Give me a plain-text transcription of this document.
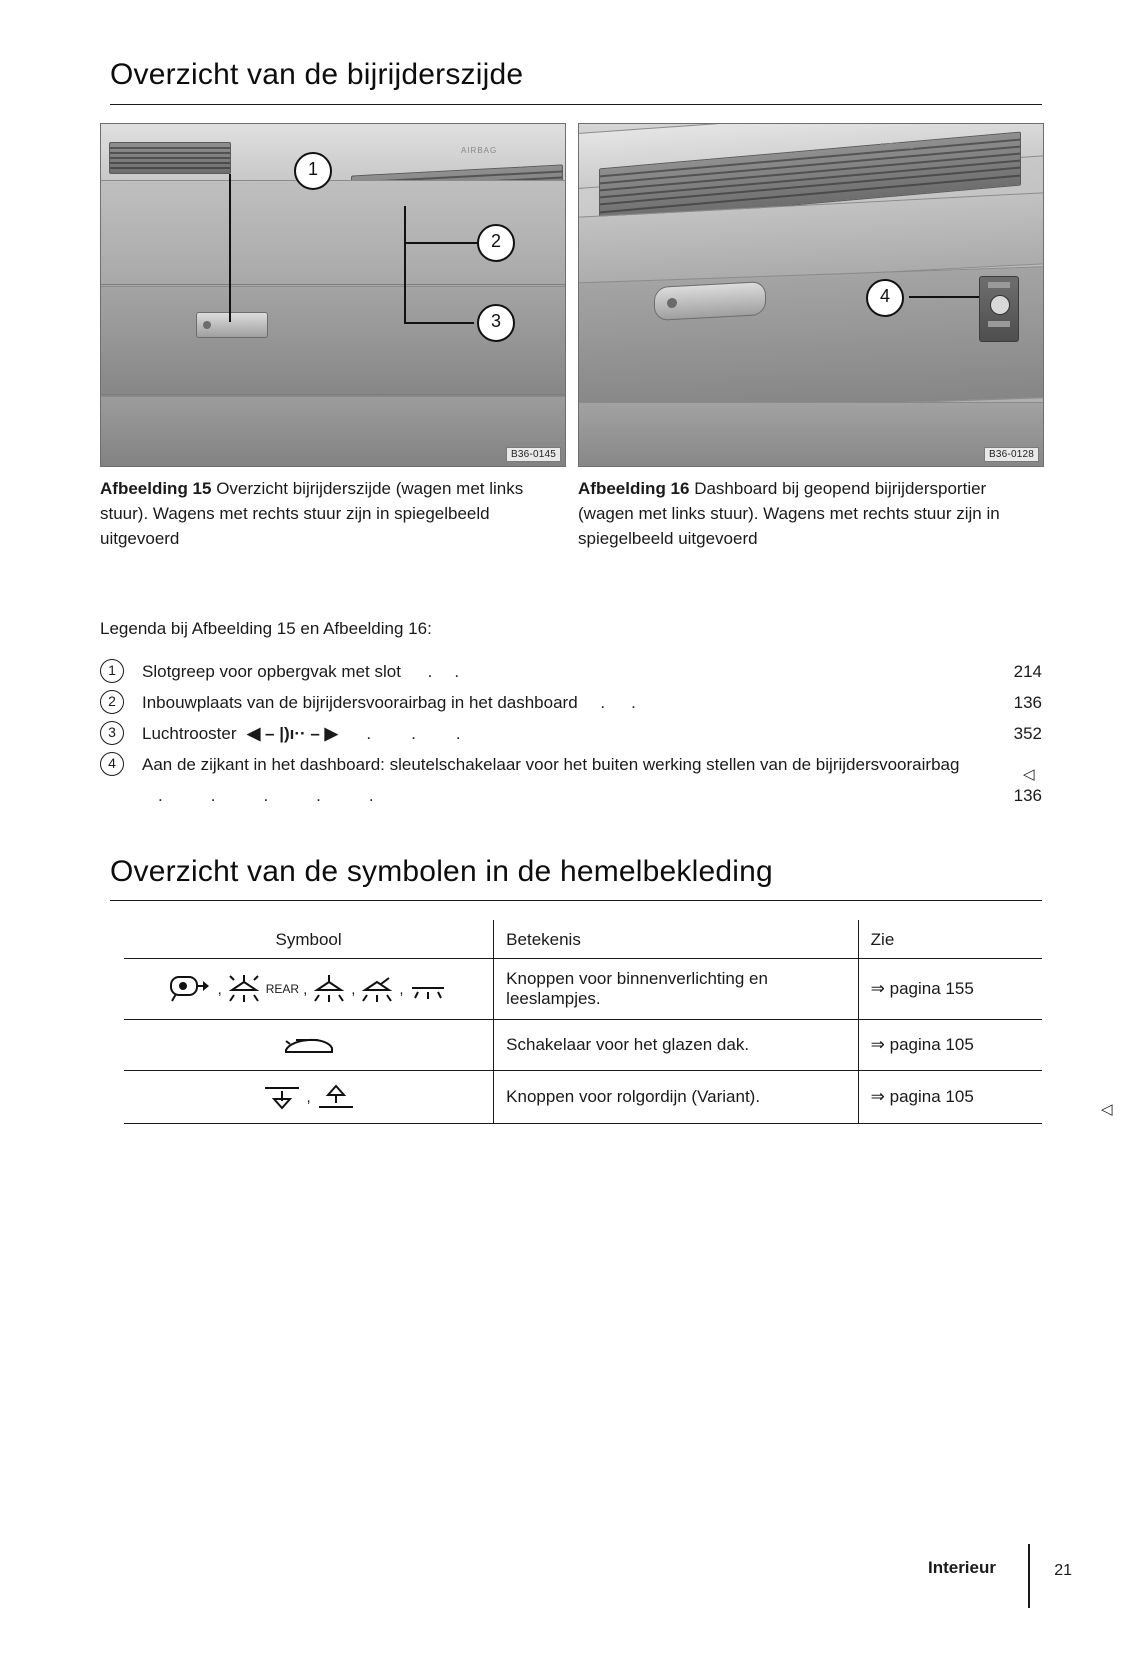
Overzicht van de bijrijderszijde
AIRBAG
1
2
3
B36-0145
AIRBAG
4
B36-0128
Afbeelding 15 Overzicht bijrijderszijde (wagen met links stuur). Wagens met rechts stuur zijn in spiegelbeeld uitgevoerd
Afbeelding 16 Dashboard bij geopend bijrijdersportier (wagen met links stuur). Wagens met rechts stuur zijn in spiegelbeeld uitgevoerd
Legenda bij Afbeelding 15 en Afbeelding 16:
1	Slotgreep voor opbergvak met slot ..	214
2	Inbouwplaats van de bijrijdersvoorairbag in het dashboard ..	136
3	Luchtrooster ◀ – |)ı·· – ▶ ...	352
4	Aan de zijkant in het dashboard: sleutelschakelaar voor het buiten werking stellen van de bijrijdersvoorairbag .....	136
◁
Overzicht van de symbolen in de hemelbekleding
Symbool	Betekenis	Zie

, REAR , , ,	Knoppen voor binnenverlichting en leeslampjes.	⇒ pagina 155

	Schakelaar voor het glazen dak.	⇒ pagina 105

,	Knoppen voor rolgordijn (Variant).	⇒ pagina 105
◁
Interieur	21
